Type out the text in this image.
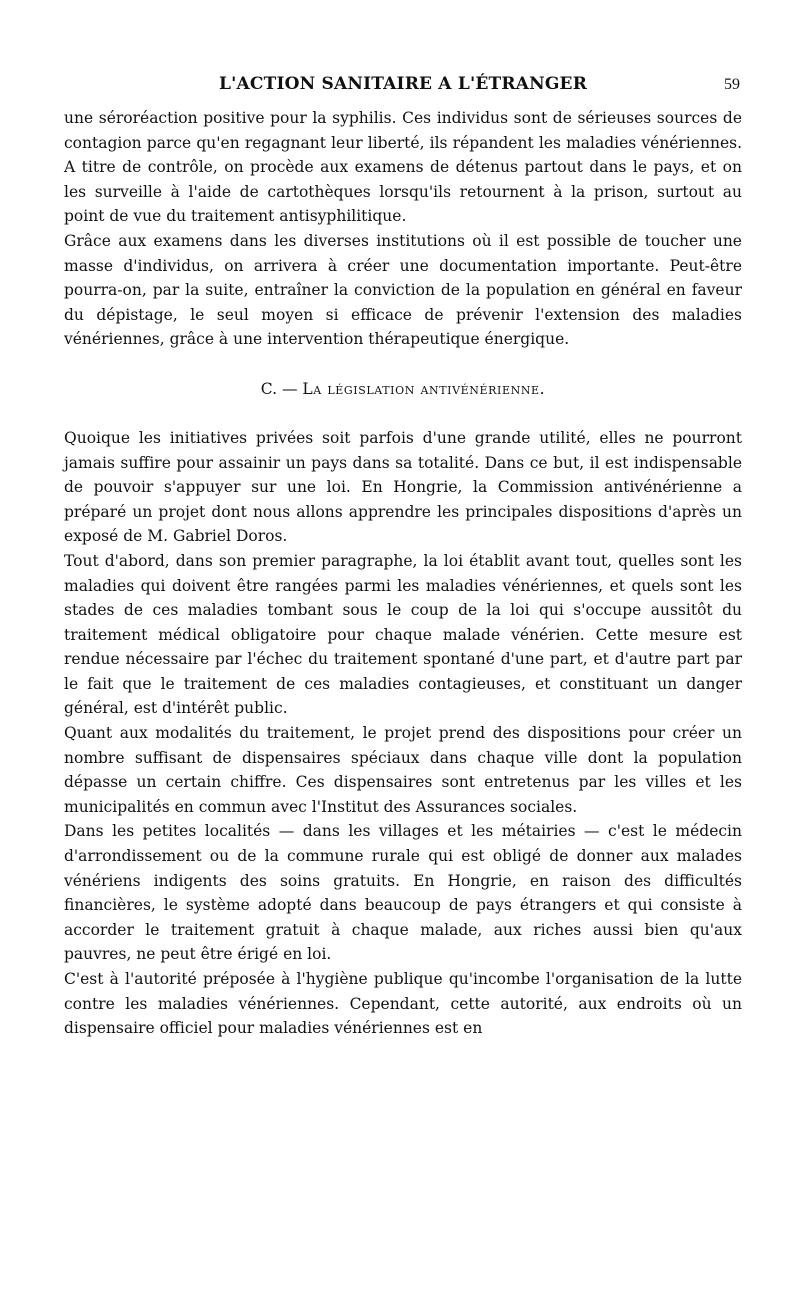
L'ACTION SANITAIRE A L'ÉTRANGER	59

une séroréaction positive pour la syphilis. Ces individus sont de sérieuses sources de contagion parce qu'en regagnant leur liberté, ils répandent les maladies vénériennes. A titre de contrôle, on procède aux examens de détenus partout dans le pays, et on les surveille à l'aide de cartothèques lorsqu'ils retournent à la prison, surtout au point de vue du traitement antisyphilitique.

Grâce aux examens dans les diverses institutions où il est possible de toucher une masse d'individus, on arrivera à créer une documentation importante. Peut-être pourra-on, par la suite, entraîner la conviction de la population en général en faveur du dépistage, le seul moyen si efficace de prévenir l'extension des maladies vénériennes, grâce à une intervention thérapeutique énergique.

C. — La législation antivénérienne.

Quoique les initiatives privées soit parfois d'une grande utilité, elles ne pourront jamais suffire pour assainir un pays dans sa totalité. Dans ce but, il est indispensable de pouvoir s'appuyer sur une loi. En Hongrie, la Commission antivénérienne a préparé un projet dont nous allons apprendre les principales dispositions d'après un exposé de M. Gabriel Doros.

Tout d'abord, dans son premier paragraphe, la loi établit avant tout, quelles sont les maladies qui doivent être rangées parmi les maladies vénériennes, et quels sont les stades de ces maladies tombant sous le coup de la loi qui s'occupe aussitôt du traitement médical obligatoire pour chaque malade vénérien. Cette mesure est rendue nécessaire par l'échec du traitement spontané d'une part, et d'autre part par le fait que le traitement de ces maladies contagieuses, et constituant un danger général, est d'intérêt public.

Quant aux modalités du traitement, le projet prend des dispositions pour créer un nombre suffisant de dispensaires spéciaux dans chaque ville dont la population dépasse un certain chiffre. Ces dispensaires sont entretenus par les villes et les municipalités en commun avec l'Institut des Assurances sociales.

Dans les petites localités — dans les villages et les métairies — c'est le médecin d'arrondissement ou de la commune rurale qui est obligé de donner aux malades vénériens indigents des soins gratuits. En Hongrie, en raison des difficultés financières, le système adopté dans beaucoup de pays étrangers et qui consiste à accorder le traitement gratuit à chaque malade, aux riches aussi bien qu'aux pauvres, ne peut être érigé en loi.

C'est à l'autorité préposée à l'hygiène publique qu'incombe l'organisation de la lutte contre les maladies vénériennes. Cependant, cette autorité, aux endroits où un dispensaire officiel pour maladies vénériennes est en
